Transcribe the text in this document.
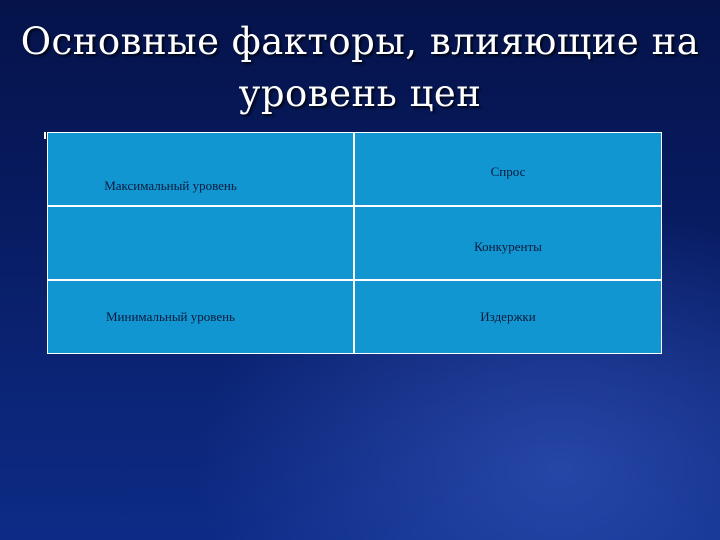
Основные факторы, влияющие на
уровень цен
Максимальный уровень
Минимальный уровень
Спрос
Конкуренты
Издержки
